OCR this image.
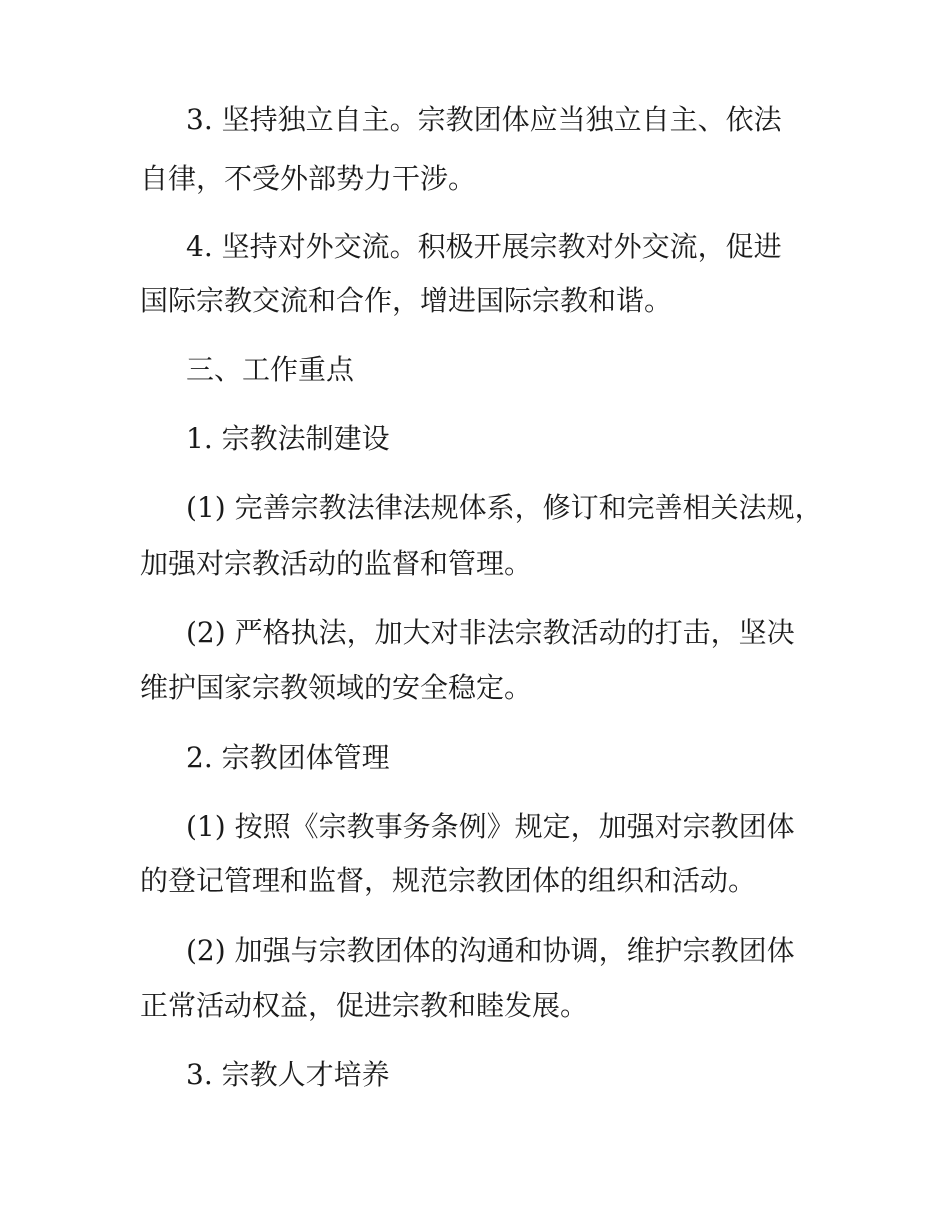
3. 坚持独立自主。宗教团体应当独立自主、依法
自律，不受外部势力干涉。
4. 坚持对外交流。积极开展宗教对外交流，促进
国际宗教交流和合作，增进国际宗教和谐。
三、工作重点
1. 宗教法制建设
(1) 完善宗教法律法规体系，修订和完善相关法规，
加强对宗教活动的监督和管理。
(2) 严格执法，加大对非法宗教活动的打击，坚决
维护国家宗教领域的安全稳定。
2. 宗教团体管理
(1) 按照《宗教事务条例》规定，加强对宗教团体
的登记管理和监督，规范宗教团体的组织和活动。
(2) 加强与宗教团体的沟通和协调，维护宗教团体
正常活动权益，促进宗教和睦发展。
3. 宗教人才培养
